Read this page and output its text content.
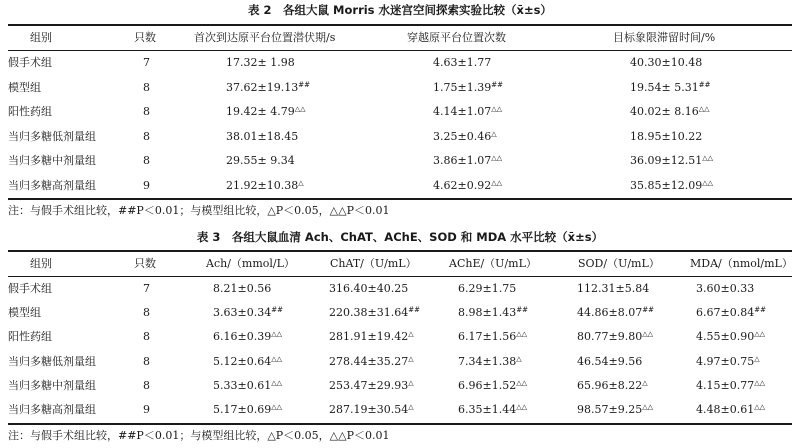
表 2　各组大鼠 Morris 水迷宫空间探索实验比较（x̄±s）
组别	只数	首次到达原平台位置潜伏期/s	穿越原平台位置次数	目标象限滞留时间/%
假手术组	7	17.32± 1.98	4.63±1.77	40.30±10.48
模型组	8	37.62±19.13##	1.75±1.39##	19.54± 5.31##
阳性药组	8	19.42± 4.79△△	4.14±1.07△△	40.02± 8.16△△
当归多糖低剂量组	8	38.01±18.45	3.25±0.46△	18.95±10.22
当归多糖中剂量组	8	29.55± 9.34	3.86±1.07△△	36.09±12.51△△
当归多糖高剂量组	9	21.92±10.38△	4.62±0.92△△	35.85±12.09△△
注：与假手术组比较，##P＜0.01；与模型组比较，△P＜0.05，△△P＜0.01
表 3　各组大鼠血清 Ach、ChAT、AChE、SOD 和 MDA 水平比较（x̄±s）
组别	只数	Ach/（mmol/L）	ChAT/（U/mL）	AChE/（U/mL）	SOD/（U/mL）	MDA/（nmol/mL）
假手术组	7	8.21±0.56	316.40±40.25	6.29±1.75	112.31±5.84	3.60±0.33
模型组	8	3.63±0.34##	220.38±31.64##	8.98±1.43##	44.86±8.07##	6.67±0.84##
阳性药组	8	6.16±0.39△△	281.91±19.42△	6.17±1.56△△	80.77±9.80△△	4.55±0.90△△
当归多糖低剂量组	8	5.12±0.64△△	278.44±35.27△	7.34±1.38△	46.54±9.56	4.97±0.75△
当归多糖中剂量组	8	5.33±0.61△△	253.47±29.93△	6.96±1.52△△	65.96±8.22△	4.15±0.77△△
当归多糖高剂量组	9	5.17±0.69△△	287.19±30.54△	6.35±1.44△△	98.57±9.25△△	4.48±0.61△△
注：与假手术组比较，##P＜0.01；与模型组比较，△P＜0.05，△△P＜0.01
